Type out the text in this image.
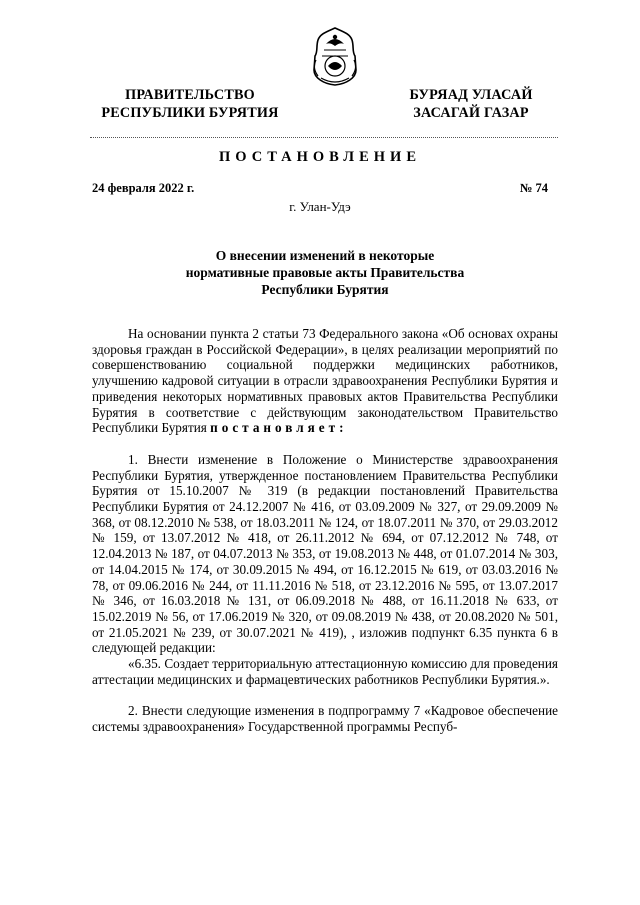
ПРАВИТЕЛЬСТВО
РЕСПУБЛИКИ БУРЯТИЯ
БУРЯАД УЛАСАЙ
ЗАСАГАЙ ГАЗАР
ПОСТАНОВЛЕНИЕ
24 февраля 2022 г.	№ 74
г. Улан-Удэ
О внесении изменений в некоторые
нормативные правовые акты Правительства
Республики Бурятия

На основании пункта 2 статьи 73 Федерального закона «Об основах охраны здоровья граждан в Российской Федерации», в целях реализации мероприятий по совершенствованию социальной поддержки медицинских работников, улучшению кадровой ситуации в отрасли здравоохранения Республики Бурятия и приведения некоторых нормативных правовых актов Правительства Республики Бурятия в соответствие с действующим законодательством Правительство Республики Бурятия постановляет:

1. Внести изменение в Положение о Министерстве здравоохранения Республики Бурятия, утвержденное постановлением Правительства Республики Бурятия от 15.10.2007 № 319 (в редакции постановлений Правительства Республики Бурятия от 24.12.2007 № 416, от 03.09.2009 № 327, от 29.09.2009 № 368, от 08.12.2010 № 538, от 18.03.2011 № 124, от 18.07.2011 № 370, от 29.03.2012 № 159, от 13.07.2012 № 418, от 26.11.2012 № 694, от 07.12.2012 № 748, от 12.04.2013 № 187, от 04.07.2013 № 353, от 19.08.2013 № 448, от 01.07.2014 № 303, от 14.04.2015 № 174, от 30.09.2015 № 494, от 16.12.2015 № 619, от 03.03.2016 № 78, от 09.06.2016 № 244, от 11.11.2016 № 518, от 23.12.2016 № 595, от 13.07.2017 № 346, от 16.03.2018 № 131, от 06.09.2018 № 488, от 16.11.2018 № 633, от 15.02.2019 № 56, от 17.06.2019 № 320, от 09.08.2019 № 438, от 20.08.2020 № 501, от 21.05.2021 № 239, от 30.07.2021 № 419), , изложив подпункт 6.35 пункта 6 в следующей редакции:

«6.35. Создает территориальную аттестационную комиссию для проведения аттестации медицинских и фармацевтических работников Республики Бурятия.».

2. Внести следующие изменения в подпрограмму 7 «Кадровое обеспечение системы здравоохранения» Государственной программы Респуб-
